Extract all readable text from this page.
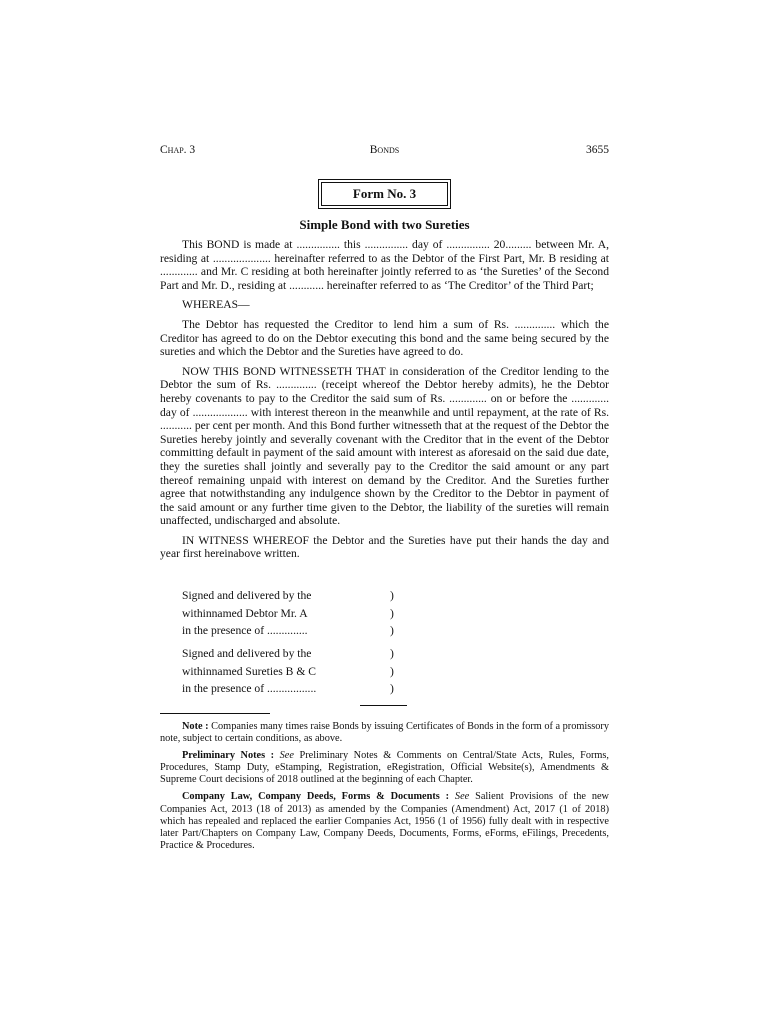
Chap. 3	Bonds	3655
Form No. 3
Simple Bond with two Sureties

This BOND is made at ............... this ............... day of ............... 20......... between Mr. A, residing at .................... hereinafter referred to as the Debtor of the First Part, Mr. B residing at ............. and Mr. C residing at both hereinafter jointly referred to as ‘the Sureties’ of the Second Part and Mr. D., residing at ............ hereinafter referred to as ‘The Creditor’ of the Third Part;

WHEREAS—

The Debtor has requested the Creditor to lend him a sum of Rs. .............. which the Creditor has agreed to do on the Debtor executing this bond and the same being secured by the sureties and which the Debtor and the Sureties have agreed to do.

NOW THIS BOND WITNESSETH THAT in consideration of the Creditor lending to the Debtor the sum of Rs. .............. (receipt whereof the Debtor hereby admits), he the Debtor hereby covenants to pay to the Creditor the said sum of Rs. ............. on or before the ............. day of ................... with interest thereon in the meanwhile and until repayment, at the rate of Rs. ........... per cent per month. And this Bond further witnesseth that at the request of the Debtor the Sureties hereby jointly and severally covenant with the Creditor that in the event of the Debtor committing default in payment of the said amount with interest as aforesaid on the said due date, they the sureties shall jointly and severally pay to the Creditor the said amount or any part thereof remaining unpaid with interest on demand by the Creditor. And the Sureties further agree that notwithstanding any indulgence shown by the Creditor to the Debtor in payment of the said amount or any further time given to the Debtor, the liability of the sureties will remain unaffected, undischarged and absolute.

IN WITNESS WHEREOF the Debtor and the Sureties have put their hands the day and year first hereinabove written.

Signed and delivered by the	)
withinnamed Debtor Mr. A	)
in the presence of ..............	)
Signed and delivered by the	)
withinnamed Sureties B & C	)
in the presence of .................	)

Note : Companies many times raise Bonds by issuing Certificates of Bonds in the form of a promissory note, subject to certain conditions, as above.

Preliminary Notes : See Preliminary Notes & Comments on Central/State Acts, Rules, Forms, Procedures, Stamp Duty, eStamping, Registration, eRegistration, Official Website(s), Amendments & Supreme Court decisions of 2018 outlined at the beginning of each Chapter.

Company Law, Company Deeds, Forms & Documents : See Salient Provisions of the new Companies Act, 2013 (18 of 2013) as amended by the Companies (Amendment) Act, 2017 (1 of 2018) which has repealed and replaced the earlier Companies Act, 1956 (1 of 1956) fully dealt with in respective later Part/Chapters on Company Law, Company Deeds, Documents, Forms, eForms, eFilings, Precedents, Practice & Procedures.
